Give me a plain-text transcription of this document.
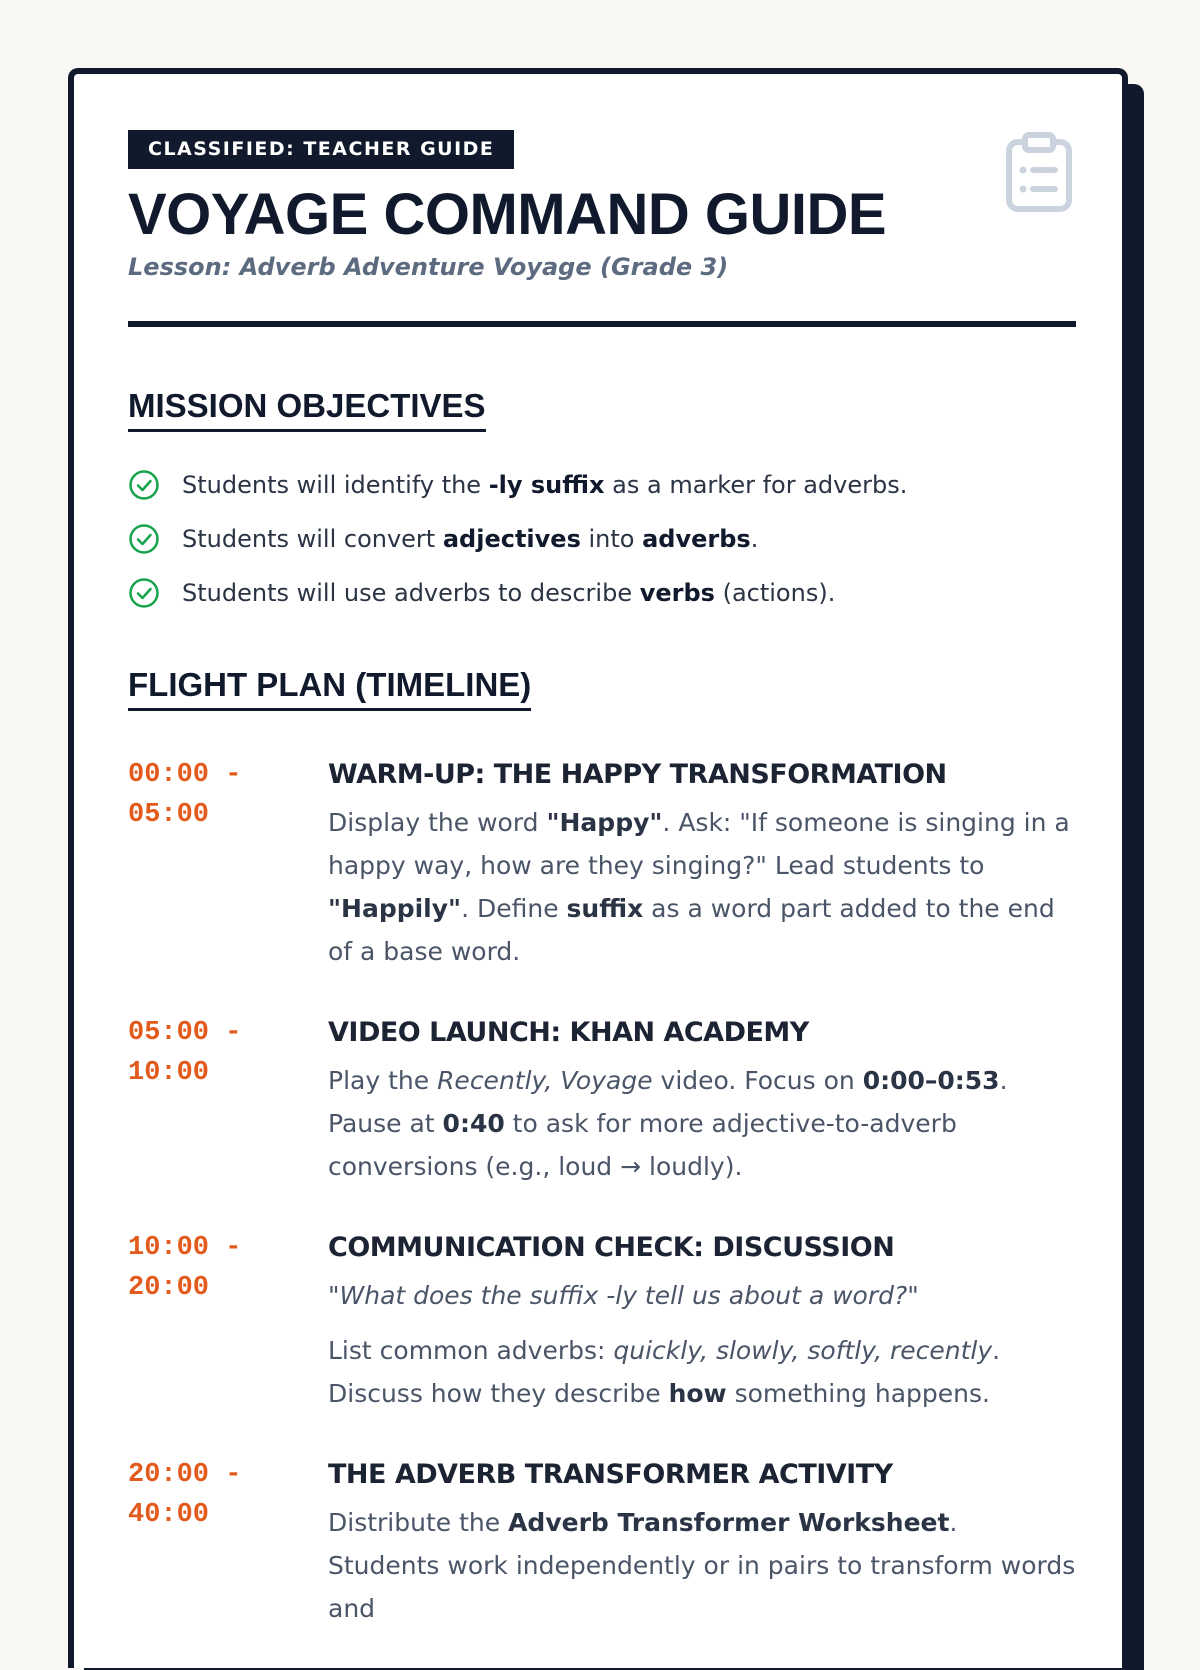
CLASSIFIED: TEACHER GUIDE
VOYAGE COMMAND GUIDE
Lesson: Adverb Adventure Voyage (Grade 3)
MISSION OBJECTIVES
Students will identify the -ly suffix as a marker for adverbs.
Students will convert adjectives into adverbs.
Students will use adverbs to describe verbs (actions).
FLIGHT PLAN (TIMELINE)
00:00 - 05:00
WARM-UP: THE HAPPY TRANSFORMATION
Display the word "Happy". Ask: "If someone is singing in a happy way, how are they singing?" Lead students to "Happily". Define suffix as a word part added to the end of a base word.
05:00 - 10:00
VIDEO LAUNCH: KHAN ACADEMY
Play the Recently, Voyage video. Focus on 0:00–0:53. Pause at 0:40 to ask for more adjective-to-adverb conversions (e.g., loud → loudly).
10:00 - 20:00
COMMUNICATION CHECK: DISCUSSION
"What does the suffix -ly tell us about a word?"
List common adverbs: quickly, slowly, softly, recently. Discuss how they describe how something happens.
20:00 - 40:00
THE ADVERB TRANSFORMER ACTIVITY
Distribute the Adverb Transformer Worksheet. Students work independently or in pairs to transform words and
